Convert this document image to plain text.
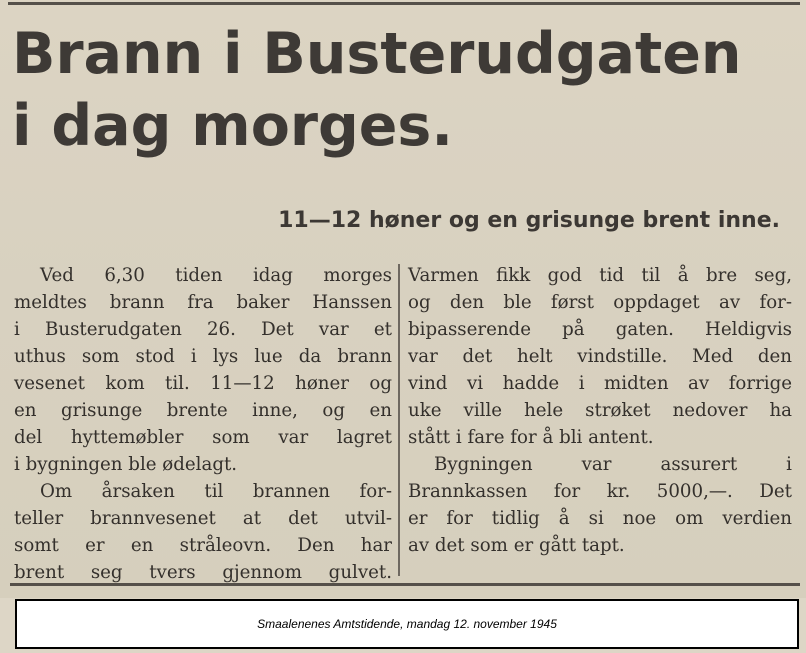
Brann i Busterudgaten
i dag morges.
11—12 høner og en grisunge brent inne.
Ved 6,30 tiden idag morges
meldtes brann fra baker Hanssen
i Busterudgaten 26. Det var et
uthus som stod i lys lue da brann
vesenet kom til. 11—12 høner og
en grisunge brente inne, og en
del hyttemøbler som var lagret
i bygningen ble ødelagt.
Om årsaken til brannen for-
teller brannvesenet at det utvil-
somt er en stråleovn. Den har
brent seg tvers gjennom gulvet.
Varmen fikk god tid til å bre seg,
og den ble først oppdaget av for-
bipasserende på gaten. Heldigvis
var det helt vindstille. Med den
vind vi hadde i midten av forrige
uke ville hele strøket nedover ha
stått i fare for å bli antent.
Bygningen var assurert i
Brannkassen for kr. 5000,—. Det
er for tidlig å si noe om verdien
av det som er gått tapt.
Smaalenenes Amtstidende, mandag 12. november 1945
